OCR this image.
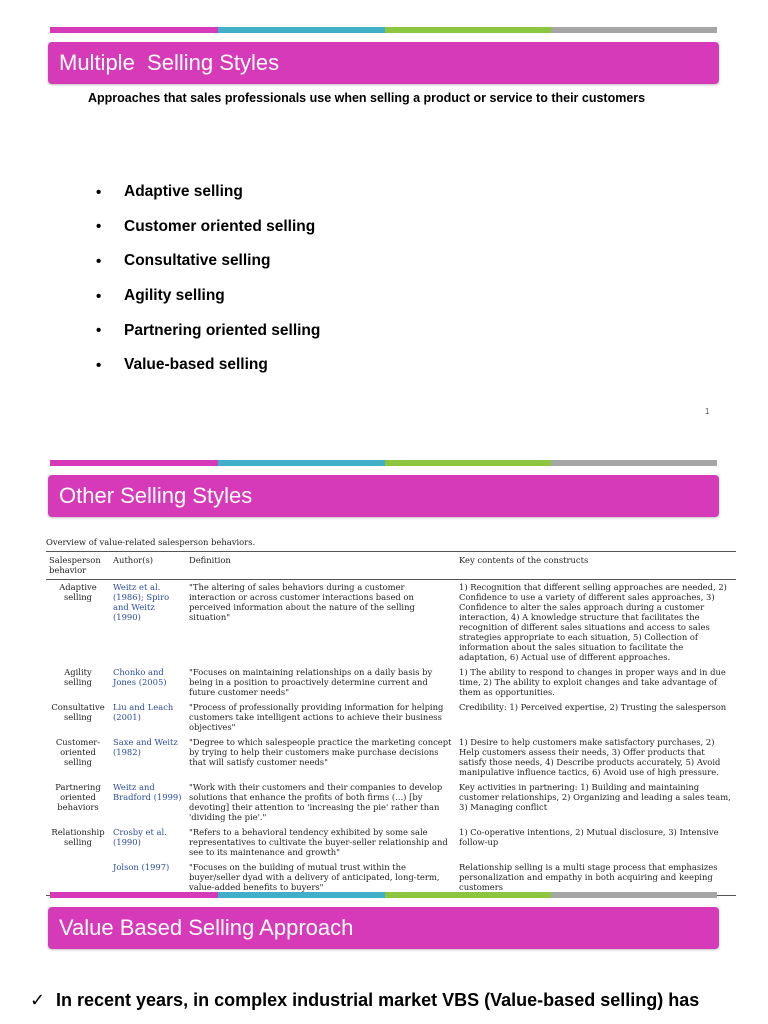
Multiple  Selling Styles
Approaches that sales professionals use when selling a product or service to their customers
•	Adaptive selling
•	Customer oriented selling
•	Consultative selling
•	Agility selling
•	Partnering oriented selling
•	Value-based selling
1
Other Selling Styles
Overview of value-related salesperson behaviors.
Salesperson behavior	Author(s)	Definition	Key contents of the constructs
Adaptive selling	Weitz et al. (1986); Spiro and Weitz (1990)	"The altering of sales behaviors during a customer interaction or across customer interactions based on perceived information about the nature of the selling situation"	1) Recognition that different selling approaches are needed, 2) Confidence to use a variety of different sales approaches, 3) Confidence to alter the sales approach during a customer interaction, 4) A knowledge structure that facilitates the recognition of different sales situations and access to sales strategies appropriate to each situation, 5) Collection of information about the sales situation to facilitate the adaptation, 6) Actual use of different approaches.
Agility selling	Chonko and Jones (2005)	"Focuses on maintaining relationships on a daily basis by being in a position to proactively determine current and future customer needs"	1) The ability to respond to changes in proper ways and in due time, 2) The ability to exploit changes and take advantage of them as opportunities.
Consultative selling	Liu and Leach (2001)	"Process of professionally providing information for helping customers take intelligent actions to achieve their business objectives"	Credibility: 1) Perceived expertise, 2) Trusting the salesperson
Customer-oriented selling	Saxe and Weitz (1982)	"Degree to which salespeople practice the marketing concept by trying to help their customers make purchase decisions that will satisfy customer needs"	1) Desire to help customers make satisfactory purchases, 2) Help customers assess their needs, 3) Offer products that satisfy those needs, 4) Describe products accurately, 5) Avoid manipulative influence tactics, 6) Avoid use of high pressure.
Partnering oriented behaviors	Weitz and Bradford (1999)	"Work with their customers and their companies to develop solutions that enhance the profits of both firms (...) [by devoting] their attention to 'increasing the pie' rather than 'dividing the pie'."	Key activities in partnering: 1) Building and maintaining customer relationships, 2) Organizing and leading a sales team, 3) Managing conflict
Relationship selling	Crosby et al. (1990)	"Refers to a behavioral tendency exhibited by some sale representatives to cultivate the buyer-seller relationship and see to its maintenance and growth"	1) Co-operative intentions, 2) Mutual disclosure, 3) Intensive follow-up
	Jolson (1997)	"Focuses on the building of mutual trust within the buyer/seller dyad with a delivery of anticipated, long-term, value-added benefits to buyers"	Relationship selling is a multi stage process that emphasizes personalization and empathy in both acquiring and keeping customers
Value Based Selling Approach
✓ In recent years, in complex industrial market VBS (Value-based selling) has
